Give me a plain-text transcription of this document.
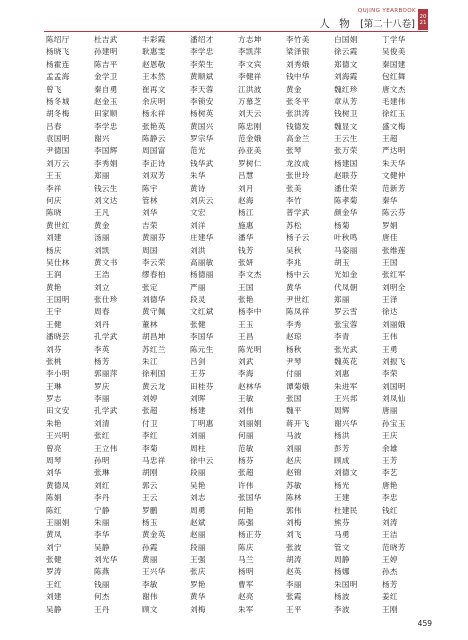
QUJING YEARBOOK
人 物 [第二十八卷]
20
21
陈绍厅	杜吉武	丰彩霞	潘绍才	方志坤	李竹美	白国娟	丁学华
杨晓飞	孙建明	耿惠雯	李学忠	李凯萍	梁泽银	徐云霞	吴俊美
杨霍连	陈吉平	赵恩敬	李荣生	李文宾	刘秀娥	郑德文	秦国建
孟孟海	金学卫	王本然	黄顺斌	李健祥	钱中华	刘海霞	包红舞
曾飞	秦自勇	崔再文	李天蓉	江洪波	黄金	魏红珍	唐文杰
杨冬城	赵金玉	余庆明	李锁安	万慕芝	张冬平	章从芳	毛建伟
胡冬梅	田家顺	杨永祥	杨树英	刘天云	张洪涛	钱树卫	徐红玉
吕春	李学忠	张艳英	黄国兴	陈忠刚	钱德发	魏显文	盛文梅
袁国明	谢兴	陈静云	罗宗华	范金娥	高金兰	王云生	王超
尹德国	李国辉	周国富	范光	孙亚美	张琴	张万荣	严达明
刘万云	李秀娟	李正诗	钱华武	罗树仁	龙汝成	杨建国	朱天华
王玉	郑丽	刘双芳	朱华	吕慧	张世玲	赵联芬	文健仲
李祥	钱云生	陈宇	黄诗	刘月	张美	潘仕荣	范新芳
何庆	刘文达	管林	刘庆云	赵海	李竹	陈孝菊	秦华
陈晓	王凡	刘华	文宏	杨江	普学武	颜金华	陈云芬
黄世红	黄金	吉荣	刘洋	施惠	苏松	杨菊	罗娟
刘建	汤丽	黄丽芬	庄建华	潘华	杨子云	叶秋鸣	唐佳
杨庆	刘凯	周国	刘洪	钱芳	吴秋	马姿丽	张维莲
吴仕林	黄文书	李云荣	高丽敏	张妍	李兆	胡玉	王国
王润	王浩	缪春柏	杨德丽	李文杰	杨中云	光如金	张红军
黄艳	刘立	张定	严丽	王国	黄华	代凤朝	刘明全
王国明	张仕珍	刘德华	段灵	张艳	尹世红	郑丽	王泽
王宇	周春	黄守佩	文红斌	杨李中	陈凤祥	罗云雪	徐达
王健	刘丹	董林	张健	王玉	李秀	张宝蓉	刘丽娥
潘晓芸	孔学武	胡昌坤	李国华	王昌	赵琼	李青	王伟
刘芬	李英	苏红兰	陈元生	陈光明	杨秋	张光武	王勇
张桃	杨芳	朱江	吕剑	刘武	尹琴	魏英花	刘振飞
李小明	郭丽萍	徐利国	王芬	李海	付丽	刘惠	李荣
王琳	罗庆	黄云龙	田桂芬	赵林华	谭菊娥	朱进军	刘国明
罗志	李丽	刘婷	刘晖	王敏	张国	王兴邦	刘凤仙
田文安	孔学武	张超	杨建	刘伟	魏平	周辉	唐丽
朱艳	刘清	付卫	丁明惠	刘丽娟	蒋开飞	谢兴华	孙宝玉
王兴明	张红	李红	刘丽	何丽	马波	杨洪	王庆
曾亮	王立伟	李菊	周柱	范敏	刘丽	彭芳	余雄
周琴	孙明	马忠祥	徐中云	杨芬	赵庆	顾成	王芳
刘华	张琳	胡刚	段丽	张超	赵锦	刘德文	李艺
黄德凤	刘红	郭云	吴艳	许伟	苏敏	杨光	唐艳
陈娟	李丹	王云	刘志	张国华	陈林	王建	李忠
陈红	宁静	罗鹏	周勇	何艳	郭伟	杜建民	钱红
王丽娟	朱丽	杨玉	赵斌	陈强	刘梅	熊芬	刘涛
黄凤	李华	黄金英	赵丽	杨正芬	刘飞	马勇	王洁
刘宁	吴静	孙霞	段丽	陈庆	张波	管文	范晓芳
张健	刘光华	黄丽	王强	马兰	胡涛	周静	王婷
罗涛	陈燕	王兴华	张庆	杨明	赵英	杨娜	孙杰
王红	钱丽	李敏	罗艳	曹军	李丽	朱国明	杨芳
刘建	何杰	谢伟	黄华	赵亮	张霞	杨波	姜红
吴静	王丹	顾文	刘梅	朱军	王平	李波	王刚
459
